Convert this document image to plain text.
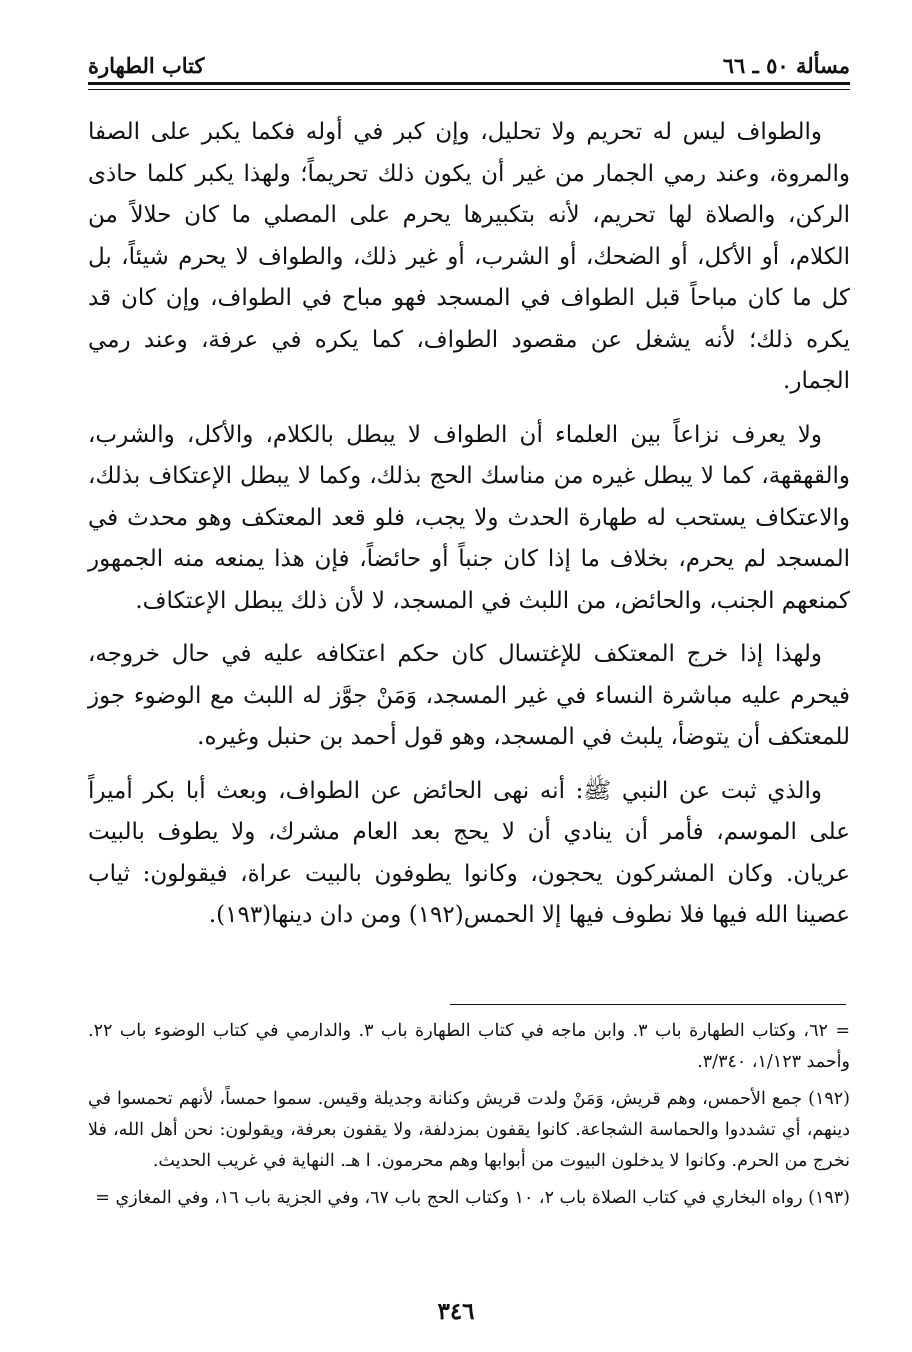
مسألة ٥٠ ـ ٦٦
كتاب الطهارة

والطواف ليس له تحريم ولا تحليل، وإن كبر في أوله فكما يكبر على الصفا والمروة، وعند رمي الجمار من غير أن يكون ذلك تحريماً؛ ولهذا يكبر كلما حاذى الركن، والصلاة لها تحريم، لأنه بتكبيرها يحرم على المصلي ما كان حلالاً من الكلام، أو الأكل، أو الضحك، أو الشرب، أو غير ذلك، والطواف لا يحرم شيئاً، بل كل ما كان مباحاً قبل الطواف في المسجد فهو مباح في الطواف، وإن كان قد يكره ذلك؛ لأنه يشغل عن مقصود الطواف، كما يكره في عرفة، وعند رمي الجمار.

ولا يعرف نزاعاً بين العلماء أن الطواف لا يبطل بالكلام، والأكل، والشرب، والقهقهة، كما لا يبطل غيره من مناسك الحج بذلك، وكما لا يبطل الإعتكاف بذلك، والاعتكاف يستحب له طهارة الحدث ولا يجب، فلو قعد المعتكف وهو محدث في المسجد لم يحرم، بخلاف ما إذا كان جنباً أو حائضاً، فإن هذا يمنعه منه الجمهور كمنعهم الجنب، والحائض، من اللبث في المسجد، لا لأن ذلك يبطل الإعتكاف.

ولهذا إذا خرج المعتكف للإغتسال كان حكم اعتكافه عليه في حال خروجه، فيحرم عليه مباشرة النساء في غير المسجد، وَمَنْ جوَّز له اللبث مع الوضوء جوز للمعتكف أن يتوضأ، يلبث في المسجد، وهو قول أحمد بن حنبل وغيره.

والذي ثبت عن النبي ﷺ: أنه نهى الحائض عن الطواف، وبعث أبا بكر أميراً على الموسم، فأمر أن ينادي أن لا يحج بعد العام مشرك، ولا يطوف بالبيت عريان. وكان المشركون يحجون، وكانوا يطوفون بالبيت عراة، فيقولون: ثياب عصينا الله فيها فلا نطوف فيها إلا الحمس(١٩٢) ومن دان دينها(١٩٣).

= ٦٢، وكتاب الطهارة باب ٣. وابن ماجه في كتاب الطهارة باب ٣. والدارمي في كتاب الوضوء باب ٢٢. وأحمد ١/١٢٣، ٣/٣٤٠.

(١٩٢) جمع الأحمس، وهم قريش، وَمَنْ ولدت قريش وكنانة وجديلة وقيس. سموا حمساً، لأنهم تحمسوا في دينهم، أي تشددوا والحماسة الشجاعة. كانوا يقفون بمزدلفة، ولا يقفون بعرفة، ويقولون: نحن أهل الله، فلا نخرج من الحرم. وكانوا لا يدخلون البيوت من أبوابها وهم محرمون. ا هـ. النهاية في غريب الحديث.

(١٩٣) رواه البخاري في كتاب الصلاة باب ٢، ١٠ وكتاب الحج باب ٦٧، وفي الجزية باب ١٦، وفي المغازي =

٣٤٦
